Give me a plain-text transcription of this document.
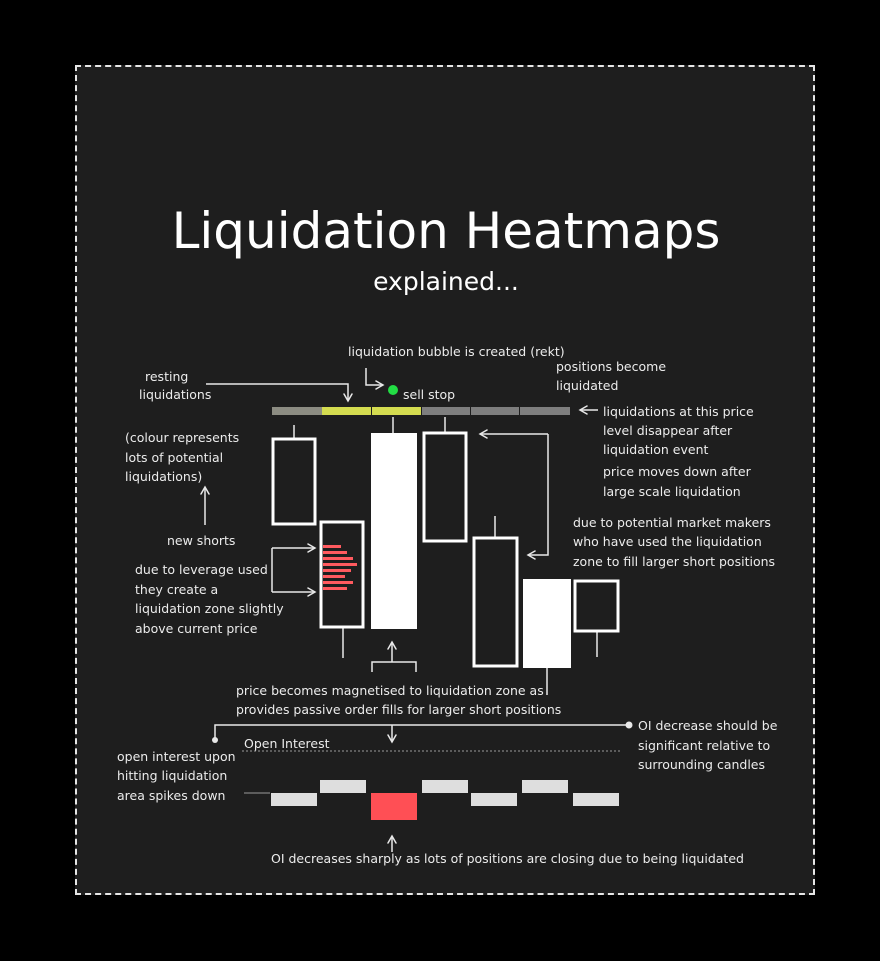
Liquidation Heatmaps
explained...
liquidation bubble is created (rekt)
resting
liquidations	sell stop
positions become
liquidated
liquidations at this price
level disappear after
liquidation event
price moves down after
large scale liquidation
(colour represents
lots of potential
liquidations)
new shorts
due to leverage used
they create a
liquidation zone slightly
above current price
due to potential market makers
who have used the liquidation
zone to fill larger short positions
price becomes magnetised to liquidation zone as
provides passive order fills for larger short positions
Open Interest
open interest upon
hitting liquidation
area spikes down
OI decrease should be
significant relative to
surrounding candles
OI decreases sharply as lots of positions are closing due to being liquidated
